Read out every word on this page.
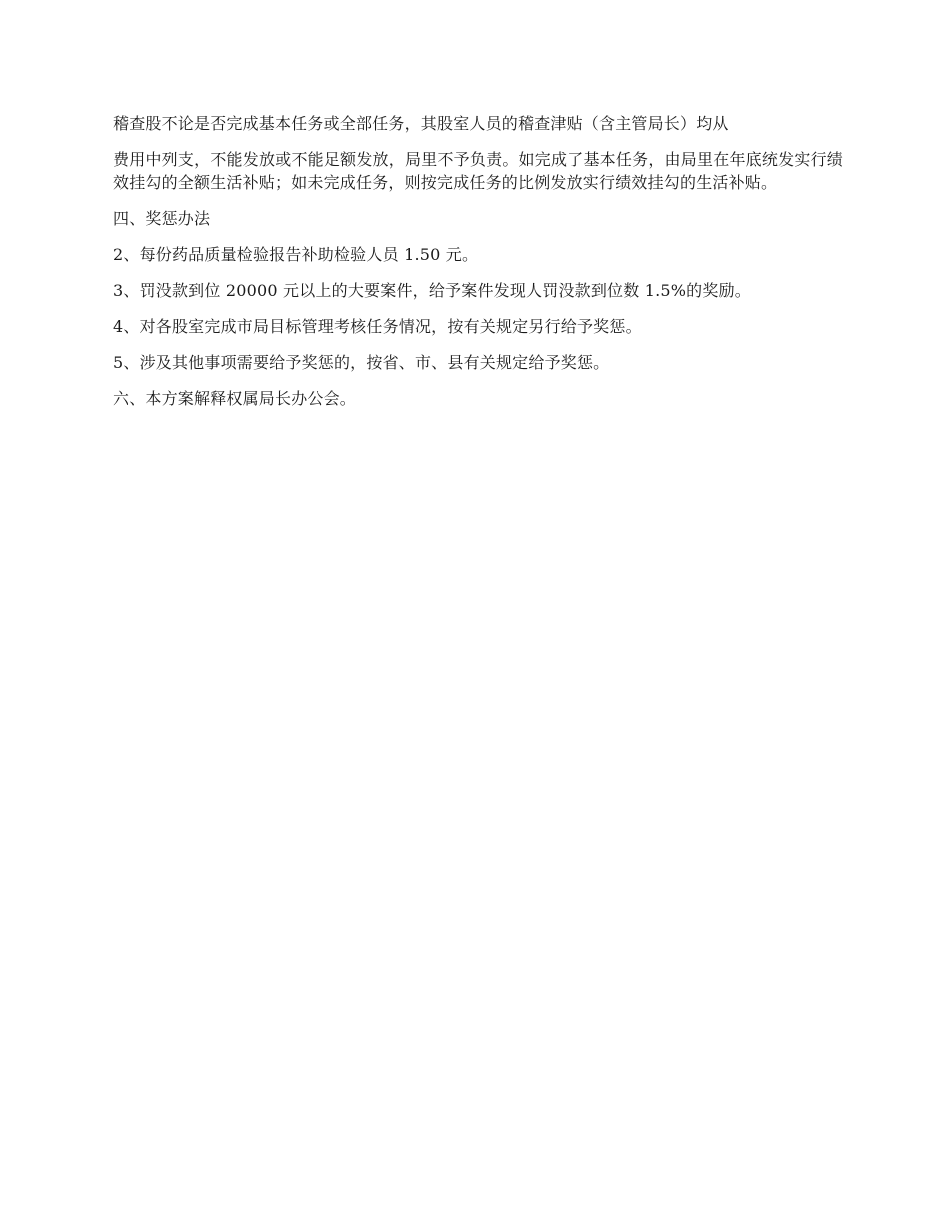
稽查股不论是否完成基本任务或全部任务，其股室人员的稽查津贴（含主管局长）均从

费用中列支，不能发放或不能足额发放，局里不予负责。如完成了基本任务，由局里在年底统发实行绩效挂勾的全额生活补贴；如未完成任务，则按完成任务的比例发放实行绩效挂勾的生活补贴。

四、奖惩办法

2、每份药品质量检验报告补助检验人员 1.50 元。

3、罚没款到位 20000 元以上的大要案件，给予案件发现人罚没款到位数 1.5%的奖励。

4、对各股室完成市局目标管理考核任务情况，按有关规定另行给予奖惩。

5、涉及其他事项需要给予奖惩的，按省、市、县有关规定给予奖惩。

六、本方案解释权属局长办公会。
